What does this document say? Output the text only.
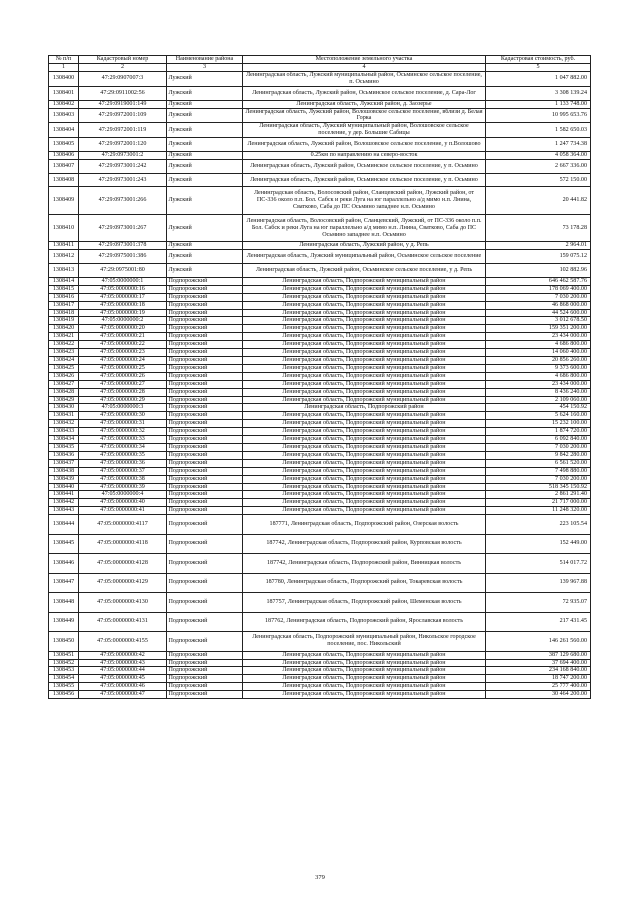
№ п/п	Кадастровый номер	Наименование района	Местоположение земельного участка	Кадастровая стоимость, руб.
1	2	3	4	5
1308400	47:29:0907007:3	Лужский	Ленинградская область, Лужский муниципальный район, Осьминское сельское поселение, п. Осьмино	1 047 882.00
1308401	47:29:0911002:56	Лужский	Ленинградская область, Лужский район, Осьминское сельское поселение, д. Сара-Лог	3 308 139.24
1308402	47:29:0919001:149	Лужский	Ленинградская область, Лужский район, д. Заозерье	1 133 748.00
1308403	47:29:0972001:109	Лужский	Ленинградская область, Лужский район, Волошовское сельское поселение, вблизи д. Белая Горка	10 995 653.76
1308404	47:29:0972001:119	Лужский	Ленинградская область, Лужский муниципальный район, Волошовское сельское поселение, у дер. Большие Сабицы	1 582 650.03
1308405	47:29:0972001:120	Лужский	Ленинградская область, Лужский район, Волошовское сельское поселение, у п.Волошово	1 247 734.38
1308406	47:29:0973001:2	Лужский	0.25км по направлению на северо-восток	4 058 364.00
1308407	47:29:0973001:242	Лужский	Ленинградская область, Лужский район, Осьминское сельское поселение, у п. Осьмино	2 667 336.00
1308408	47:29:0973001:243	Лужский	Ленинградская область, Лужский район, Осьминское сельское поселение, у п. Осьмино	572 150.00
1308409	47:29:0973001:266	Лужский	Ленинградская область, Волосовский район, Сланцевский район, Лужский район, от ПС-336 около п.п. Бол. Сабск и реки Луга на юг параллельно а/д мимо н.п. Лнина, Сватково, Саба до ПС Осьмино западнее н.п. Осьмино	20 441.82
1308410	47:29:0973001:267	Лужский	Ленинградская область, Волосовский район, Сланцевский, Лужский, от ПС-336 около п.п. Бол. Сабск и реки Луга на юг параллельно а/д мимо н.п. Лнина, Сватково, Саба до ПС Осьмино западнее н.п. Осьмино	73 178.28
1308411	47:29:0973001:378	Лужский	Ленинградская область, Лужский район, у д. Репь	2 964.01
1308412	47:29:0975001:386	Лужский	Ленинградская область, Лужский муниципальный район, Осьминское сельское поселение	159 075.12
1308413	47:29:0975001:80	Лужский	Ленинградская область, Лужский район, Осьминское сельское поселение, у д. Репь	102 882.96
1308414	47:05:0000000:1	Подпорожский	Ленинградская область, Подпорожский муниципальный район	646 462 587.76
1308415	47:05:0000000:16	Подпорожский	Ленинградская область, Подпорожский муниципальный район	178 069 400.00
1308416	47:05:0000000:17	Подпорожский	Ленинградская область, Подпорожский муниципальный район	7 030 200.00
1308417	47:05:0000000:18	Подпорожский	Ленинградская область, Подпорожский муниципальный район	46 868 000.00
1308418	47:05:0000000:19	Подпорожский	Ленинградская область, Подпорожский муниципальный район	44 524 600.00
1308419	47:05:0000000:2	Подпорожский	Ленинградская область, Подпорожский муниципальный район	3 012 678.50
1308420	47:05:0000000:20	Подпорожский	Ленинградская область, Подпорожский муниципальный район	159 351 200.00
1308421	47:05:0000000:21	Подпорожский	Ленинградская область, Подпорожский муниципальный район	23 434 000.00
1308422	47:05:0000000:22	Подпорожский	Ленинградская область, Подпорожский муниципальный район	4 686 800.00
1308423	47:05:0000000:23	Подпорожский	Ленинградская область, Подпорожский муниципальный район	14 060 400.00
1308424	47:05:0000000:24	Подпорожский	Ленинградская область, Подпорожский муниципальный район	20 856 260.00
1308425	47:05:0000000:25	Подпорожский	Ленинградская область, Подпорожский муниципальный район	9 373 600.00
1308426	47:05:0000000:26	Подпорожский	Ленинградская область, Подпорожский муниципальный район	4 686 800.00
1308427	47:05:0000000:27	Подпорожский	Ленинградская область, Подпорожский муниципальный район	23 434 000.00
1308428	47:05:0000000:28	Подпорожский	Ленинградская область, Подпорожский муниципальный район	8 436 240.00
1308429	47:05:0000000:29	Подпорожский	Ленинградская область, Подпорожский муниципальный район	2 109 060.00
1308430	47:05:0000000:3	Подпорожский	Ленинградская область, Подпорожский район	454 150.92
1308431	47:05:0000000:30	Подпорожский	Ленинградская область, Подпорожский муниципальный район	5 624 160.00
1308432	47:05:0000000:31	Подпорожский	Ленинградская область, Подпорожский муниципальный район	15 232 100.00
1308433	47:05:0000000:32	Подпорожский	Ленинградская область, Подпорожский муниципальный район	1 874 720.00
1308434	47:05:0000000:33	Подпорожский	Ленинградская область, Подпорожский муниципальный район	6 092 840.00
1308435	47:05:0000000:34	Подпорожский	Ленинградская область, Подпорожский муниципальный район	7 030 200.00
1308436	47:05:0000000:35	Подпорожский	Ленинградская область, Подпорожский муниципальный район	9 842 280.00
1308437	47:05:0000000:36	Подпорожский	Ленинградская область, Подпорожский муниципальный район	6 561 520.00
1308438	47:05:0000000:37	Подпорожский	Ленинградская область, Подпорожский муниципальный район	7 498 880.00
1308439	47:05:0000000:38	Подпорожский	Ленинградская область, Подпорожский муниципальный район	7 030 200.00
1308440	47:05:0000000:39	Подпорожский	Ленинградская область, Подпорожский муниципальный район	518 345 150.92
1308441	47:05:0000000:4	Подпорожский	Ленинградская область, Подпорожский муниципальный район	2 861 291.40
1308442	47:05:0000000:40	Подпорожский	Ленинградская область, Подпорожский муниципальный район	21 717 000.00
1308443	47:05:0000000:41	Подпорожский	Ленинградская область, Подпорожский муниципальный район	11 248 320.00
1308444	47:05:0000000:4117	Подпорожский	187771, Ленинградская область, Подпорожский район, Озерская волость	223 105.54
1308445	47:05:0000000:4118	Подпорожский	187742, Ленинградская область, Подпорожский район, Курповская волость	152 449.00
1308446	47:05:0000000:4128	Подпорожский	187742, Ленинградская область, Подпорожский район, Винницкая волость	514 017.72
1308447	47:05:0000000:4129	Подпорожский	187780, Ленинградская область, Подпорожский район, Токаревская волость	139 967.88
1308448	47:05:0000000:4130	Подпорожский	187757, Ленинградская область, Подпорожский район, Шеменская волость	72 935.07
1308449	47:05:0000000:4131	Подпорожский	187762, Ленинградская область, Подпорожский район, Ярославская волость	217 431.45
1308450	47:05:0000000:4155	Подпорожский	Ленинградская область, Подпорожский муниципальный район, Никольское городское поселение, пос. Никольский	146 261 560.00
1308451	47:05:0000000:42	Подпорожский	Ленинградская область, Подпорожский муниципальный район	387 129 680.00
1308452	47:05:0000000:43	Подпорожский	Ленинградская область, Подпорожский муниципальный район	37 694 400.00
1308453	47:05:0000000:44	Подпорожский	Ленинградская область, Подпорожский муниципальный район	234 168 840.00
1308454	47:05:0000000:45	Подпорожский	Ленинградская область, Подпорожский муниципальный район	18 747 200.00
1308455	47:05:0000000:46	Подпорожский	Ленинградская область, Подпорожский муниципальный район	25 777 400.00
1308456	47:05:0000000:47	Подпорожский	Ленинградская область, Подпорожский муниципальный район	30 464 200.00
379
